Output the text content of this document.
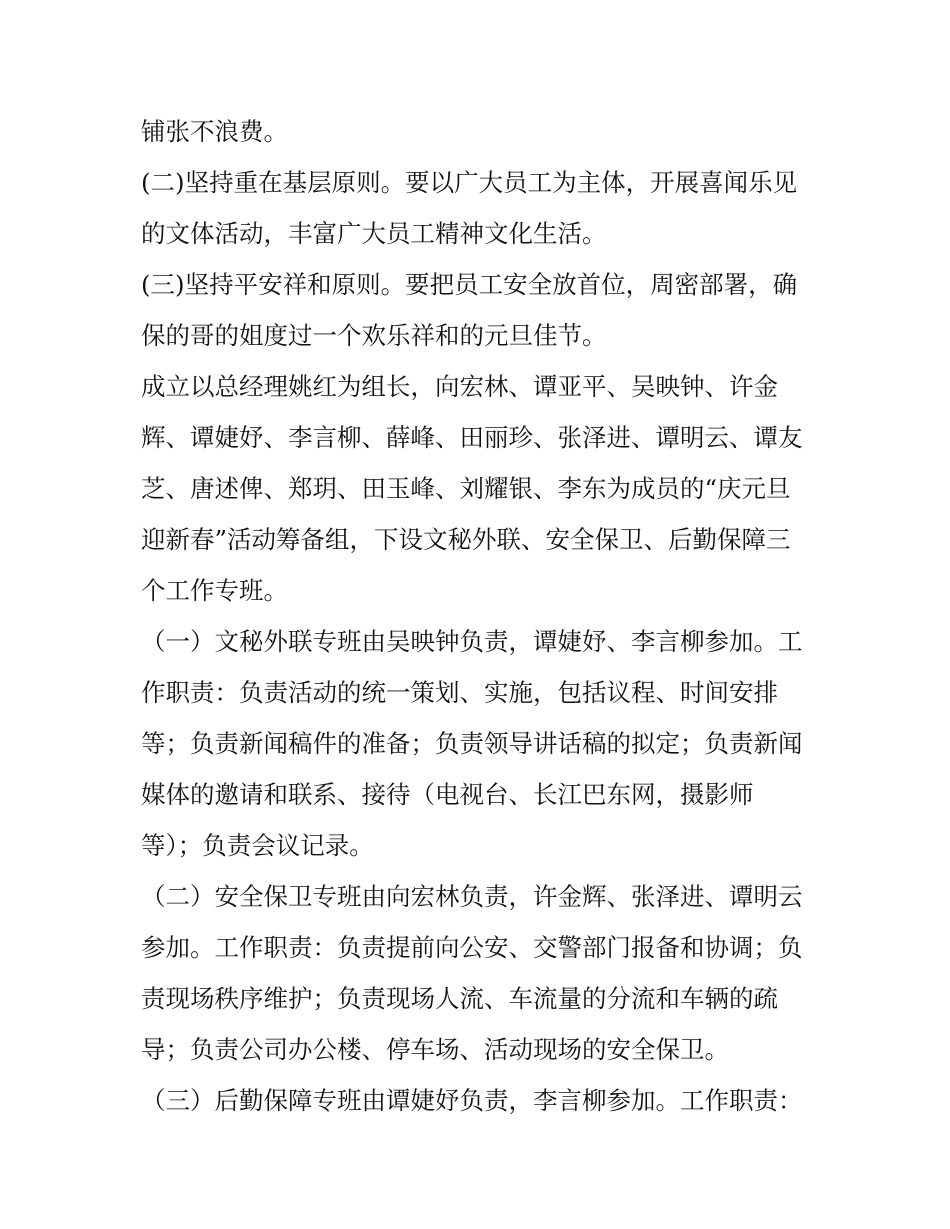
铺张不浪费。
(二)坚持重在基层原则。要以广大员工为主体，开展喜闻乐见
的文体活动，丰富广大员工精神文化生活。
(三)坚持平安祥和原则。要把员工安全放首位，周密部署，确
保的哥的姐度过一个欢乐祥和的元旦佳节。
成立以总经理姚红为组长，向宏林、谭亚平、吴映钟、许金
辉、谭婕妤、李言柳、薛峰、田丽珍、张泽进、谭明云、谭友
芝、唐述俾、郑玥、田玉峰、刘耀银、李东为成员的“庆元旦
迎新春”活动筹备组，下设文秘外联、安全保卫、后勤保障三
个工作专班。
（一）文秘外联专班由吴映钟负责，谭婕妤、李言柳参加。工
作职责：负责活动的统一策划、实施，包括议程、时间安排
等；负责新闻稿件的准备；负责领导讲话稿的拟定；负责新闻
媒体的邀请和联系、接待（电视台、长江巴东网，摄影师
等）；负责会议记录。
（二）安全保卫专班由向宏林负责，许金辉、张泽进、谭明云
参加。工作职责：负责提前向公安、交警部门报备和协调；负
责现场秩序维护；负责现场人流、车流量的分流和车辆的疏
导；负责公司办公楼、停车场、活动现场的安全保卫。
（三）后勤保障专班由谭婕妤负责，李言柳参加。工作职责：
